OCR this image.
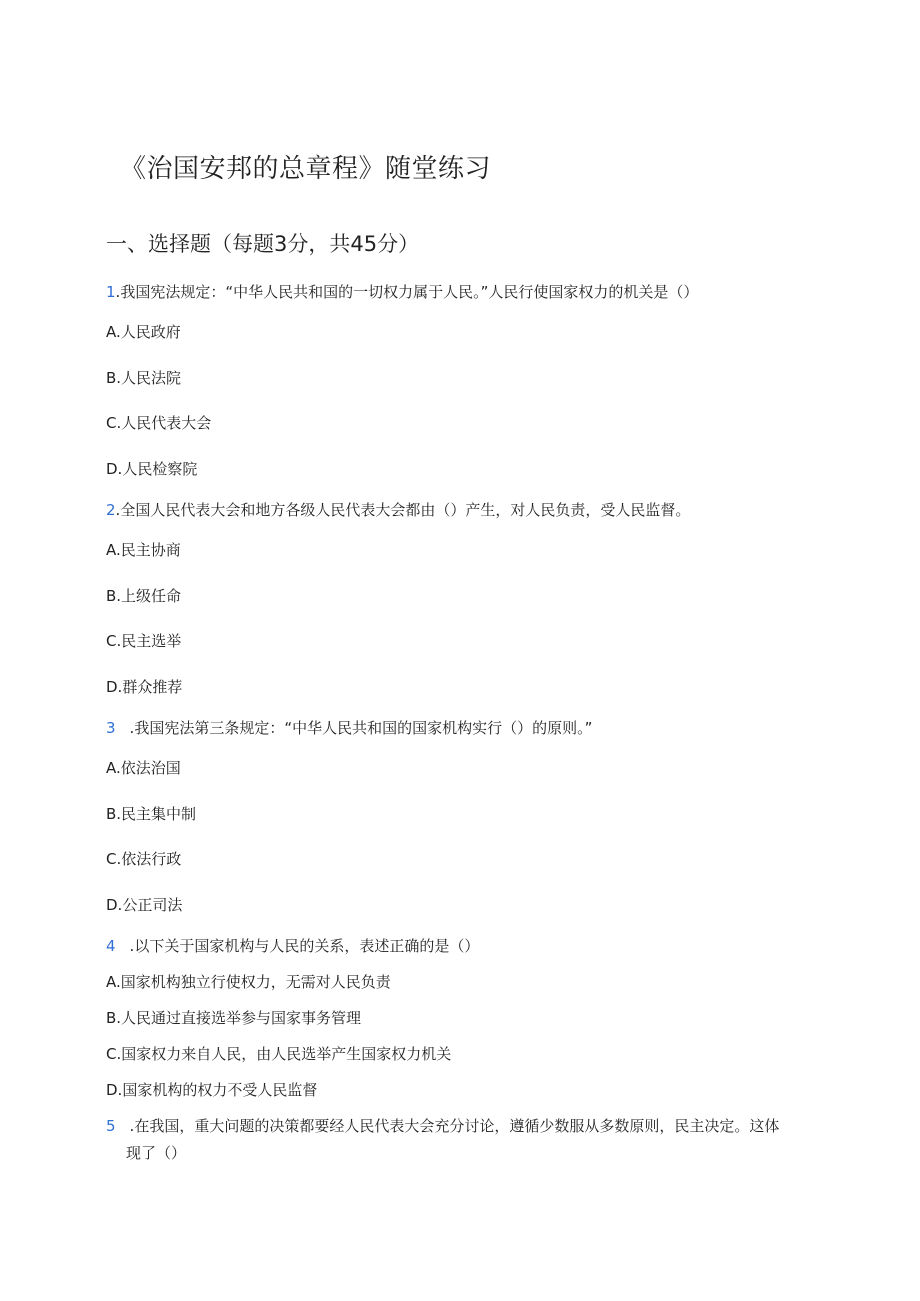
《治国安邦的总章程》随堂练习
一、选择题（每题3分，共45分）
1.我国宪法规定：“中华人民共和国的一切权力属于人民。”人民行使国家权力的机关是（）
A.人民政府
B.人民法院
C.人民代表大会
D.人民检察院
2.全国人民代表大会和地方各级人民代表大会都由（）产生，对人民负责，受人民监督。
A.民主协商
B.上级任命
C.民主选举
D.群众推荐
3 .我国宪法第三条规定：“中华人民共和国的国家机构实行（）的原则。”
A.依法治国
B.民主集中制
C.依法行政
D.公正司法
4 .以下关于国家机构与人民的关系，表述正确的是（）
A.国家机构独立行使权力，无需对人民负责
B.人民通过直接选举参与国家事务管理
C.国家权力来自人民，由人民选举产生国家权力机关
D.国家机构的权力不受人民监督
5 .在我国，重大问题的决策都要经人民代表大会充分讨论，遵循少数服从多数原则，民主决定。这体
现了（）
